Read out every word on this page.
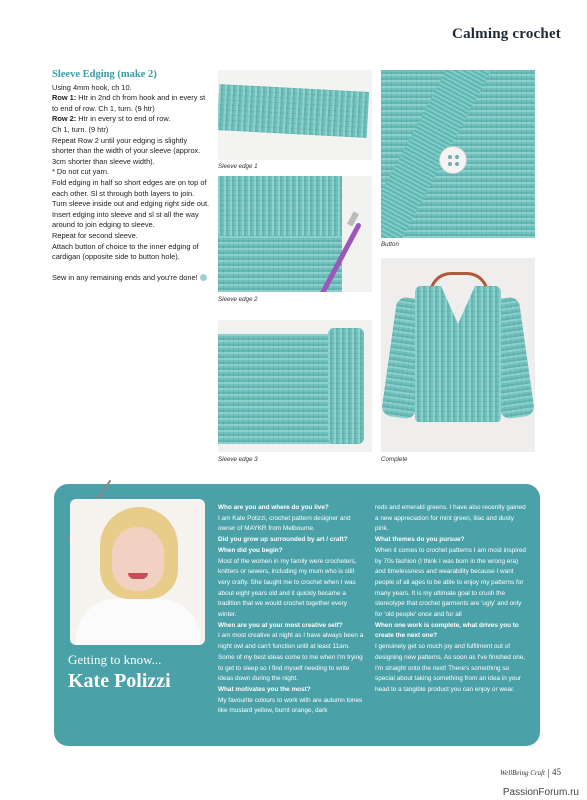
Calming crochet
Sleeve Edging (make 2)

Using 4mm hook, ch 10.

Row 1: Htr in 2nd ch from hook and in every st to end of row. Ch 1, turn. (9 htr)

Row 2: Htr in every st to end of row.

Ch 1, turn. (9 htr)

Repeat Row 2 until your edging is slightly shorter than the width of your sleeve (approx. 3cm shorter than sleeve width).

* Do not cut yarn.

Fold edging in half so short edges are on top of each other. Sl st through both layers to join.

Turn sleeve inside out and edging right side out.

Insert edging into sleeve and sl st all the way around to join edging to sleeve.

Repeat for second sleeve.

Attach button of choice to the inner edging of cardigan (opposite side to button hole).

Sew in any remaining ends and you're done!

Sleeve edge 1
Button
Sleeve edge 2
Complete
Sleeve edge 3
Getting to know...
Kate Polizzi
Who are you and where do you live?
I am Kate Polizzi, crochet pattern designer and owner of MAYKR from Melbourne.
Did you grow up surrounded by art / craft?
When did you begin?
Most of the women in my family were crocheters, knitters or sewers, including my mum who is still very crafty. She taught me to crochet when I was about eight years old and it quickly became a tradition that we would crochet together every winter.
When are you at your most creative self?
I am most creative at night as I have always been a night owl and can't function until at least 11am. Some of my best ideas come to me when I'm trying to get to sleep so I find myself needing to write ideas down during the night.
What motivates you the most?
My favourite colours to work with are autumn tones like mustard yellow, burnt orange, dark
reds and emerald greens. I have also recently gained a new appreciation for mint green, lilac and dusty pink.
What themes do you pursue?
When it comes to crochet patterns I am most inspired by 70s fashion (I think I was born in the wrong era) and timelessness and wearability because I want people of all ages to be able to enjoy my patterns for many years. It is my ultimate goal to crush the stereotype that crochet garments are 'ugly' and only for 'old people' once and for all
When one work is complete, what drives you to create the next one?
I genuinely get so much joy and fulfilment out of designing new patterns. As soon as I've finished one, I'm straight onto the next! There's something so special about taking something from an idea in your head to a tangible product you can enjoy or wear.
WellBeing Craft 45
PassionForum.ru
